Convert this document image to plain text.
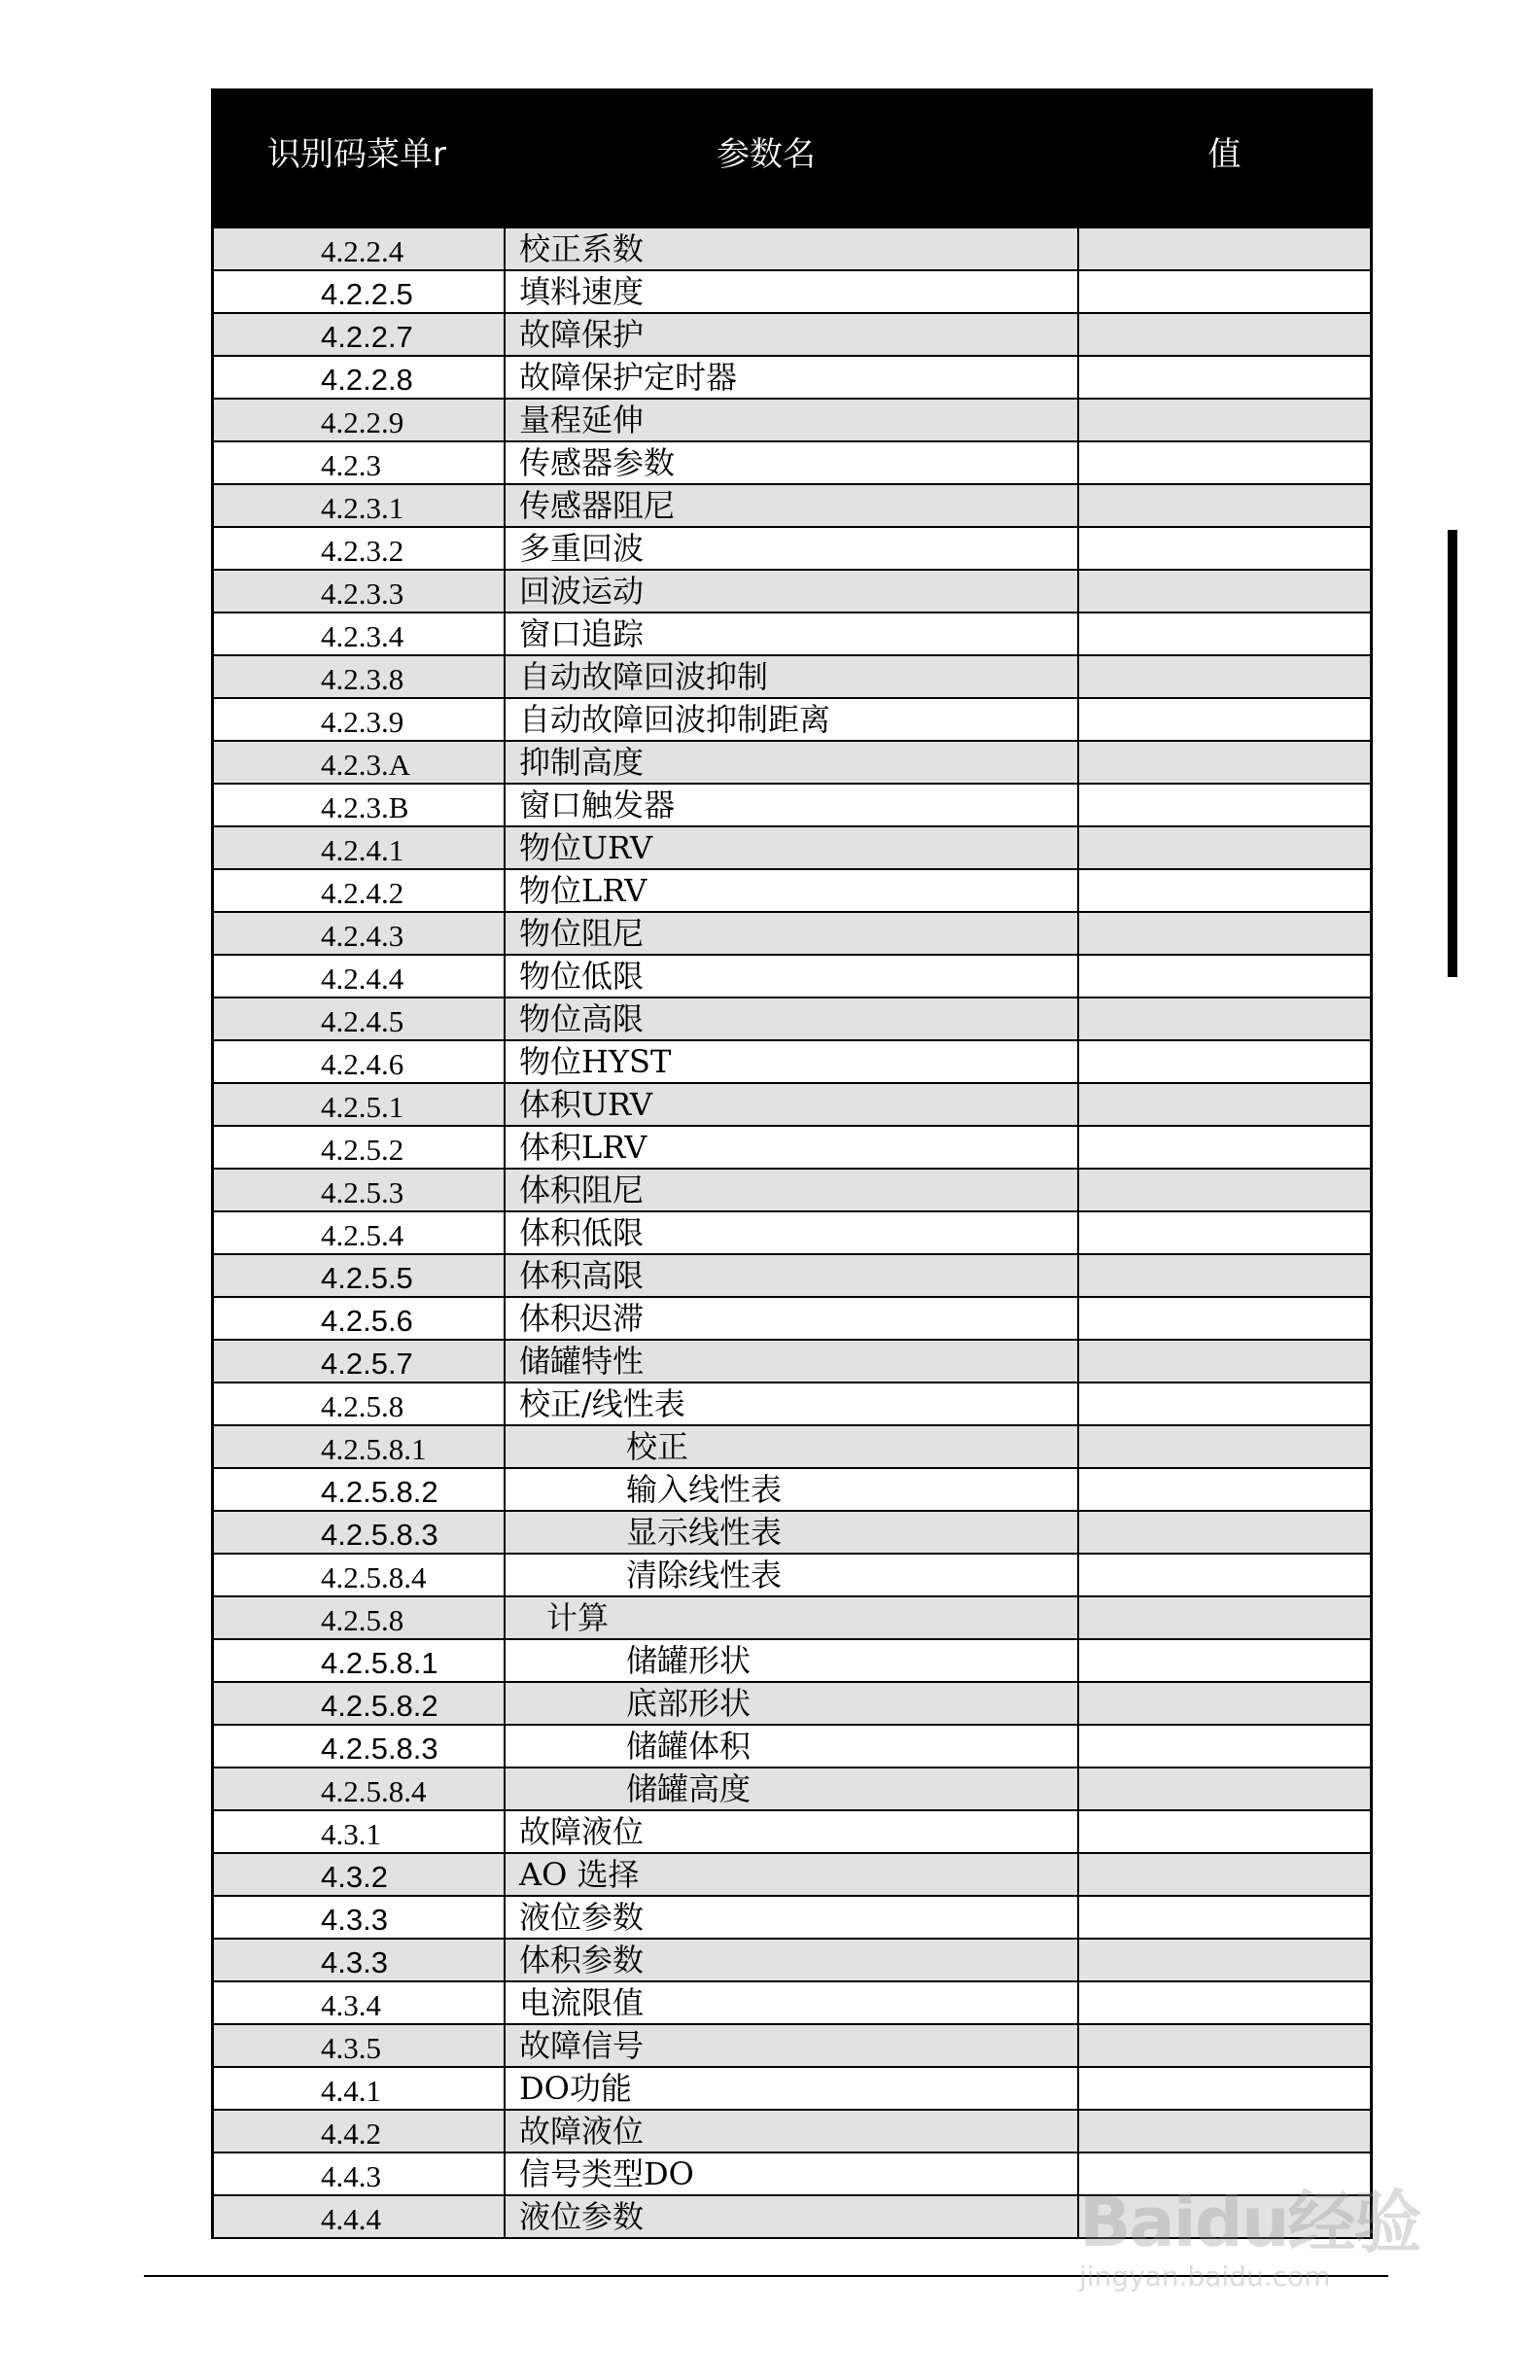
识别码菜单r	参数名	值
4.2.2.4	校正系数
4.2.2.5	填料速度
4.2.2.7	故障保护
4.2.2.8	故障保护定时器
4.2.2.9	量程延伸
4.2.3	传感器参数
4.2.3.1	传感器阻尼
4.2.3.2	多重回波
4.2.3.3	回波运动
4.2.3.4	窗口追踪
4.2.3.8	自动故障回波抑制
4.2.3.9	自动故障回波抑制距离
4.2.3.A	抑制高度
4.2.3.B	窗口触发器
4.2.4.1	物位URV
4.2.4.2	物位LRV
4.2.4.3	物位阻尼
4.2.4.4	物位低限
4.2.4.5	物位高限
4.2.4.6	物位HYST
4.2.5.1	体积URV
4.2.5.2	体积LRV
4.2.5.3	体积阻尼
4.2.5.4	体积低限
4.2.5.5	体积高限
4.2.5.6	体积迟滞
4.2.5.7	储罐特性
4.2.5.8	校正/线性表
4.2.5.8.1	校正
4.2.5.8.2	输入线性表
4.2.5.8.3	显示线性表
4.2.5.8.4	清除线性表
4.2.5.8	计算
4.2.5.8.1	储罐形状
4.2.5.8.2	底部形状
4.2.5.8.3	储罐体积
4.2.5.8.4	储罐高度
4.3.1	故障液位
4.3.2	AO 选择
4.3.3	液位参数
4.3.3	体积参数
4.3.4	电流限值
4.3.5	故障信号
4.4.1	DO功能
4.4.2	故障液位
4.4.3	信号类型DO
4.4.4	液位参数	Baidu经验
jingyan.baidu.com
